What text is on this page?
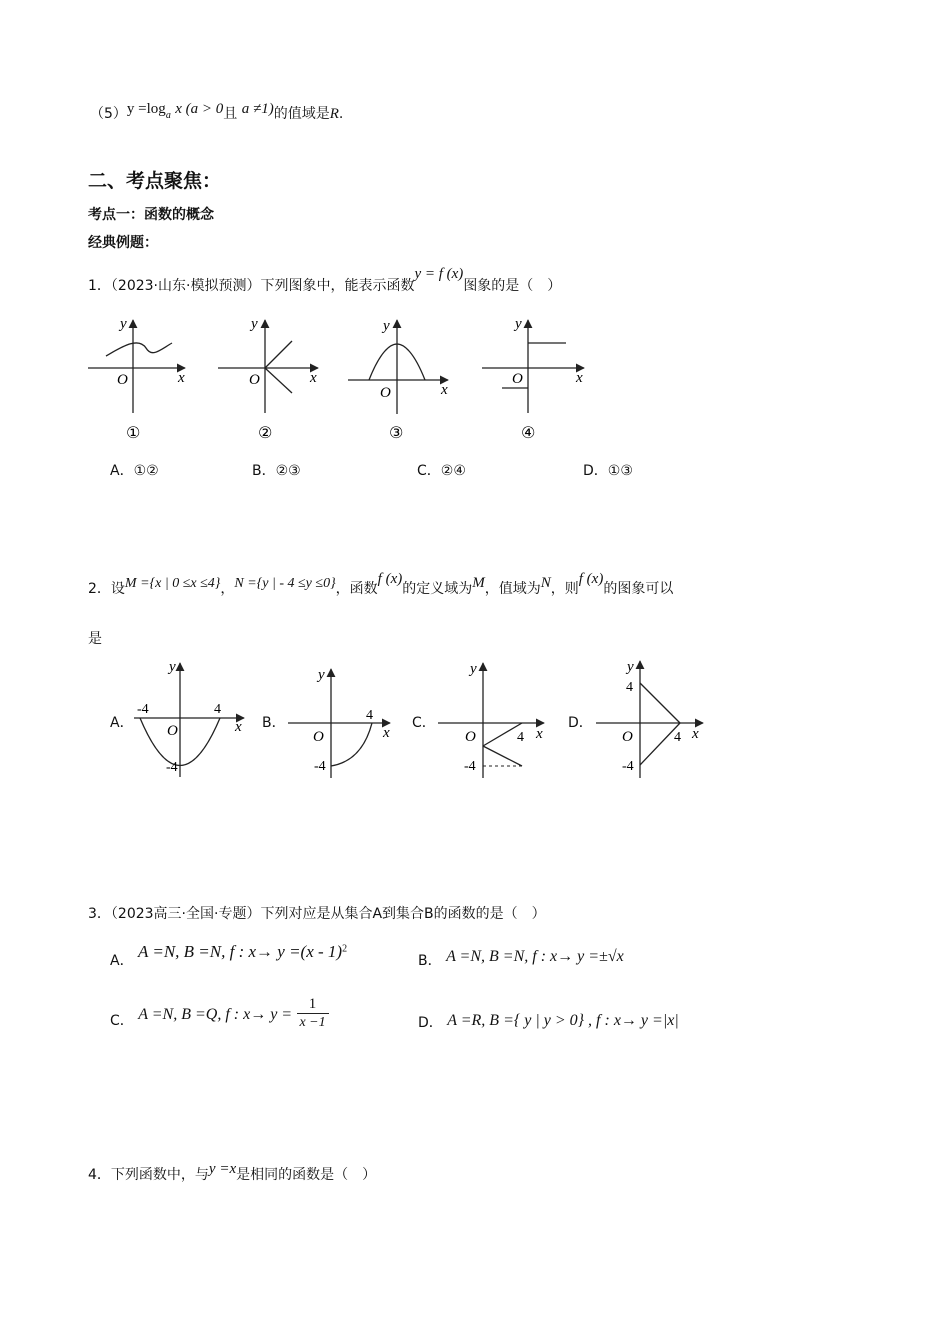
（5）y =loga x (a > 0且 a ≠1)的值域是R.
二、考点聚焦：
考点一：函数的概念
经典例题：
1．（2023·山东·模拟预测）下列图象中，能表示函数y = f (x)图象的是（　）
y
x
O
①
y
x
O
②
y
x
O
③
y
x
O
④
A．①②	B．②③	C．②④	D．①③
2．设M ={x | 0 ≤x ≤4}，N ={y | - 4 ≤y ≤0}，函数f (x)的定义域为M，值域为N，则f (x)的图象可以
是
A．	B．	C．	D．
y
x
O
-4	4
-4
y
x
O
4
-4
y
x
O	4
-4
y
x
O
4
4
-4
3．（2023高三·全国·专题）下列对应是从集合A到集合B的函数的是（　）
A． A =N, B =N, f : x→ y =(x - 1)$^2$
B． A =N, B =N, f : x→ y =±√x
C． A =N, B =Q, f : $x\to y = \frac{1}{x -1}$	D． A =R, B ={ y | y > 0} , f : x→ y =|x|
4．下列函数中，与y =x是相同的函数是（　）
